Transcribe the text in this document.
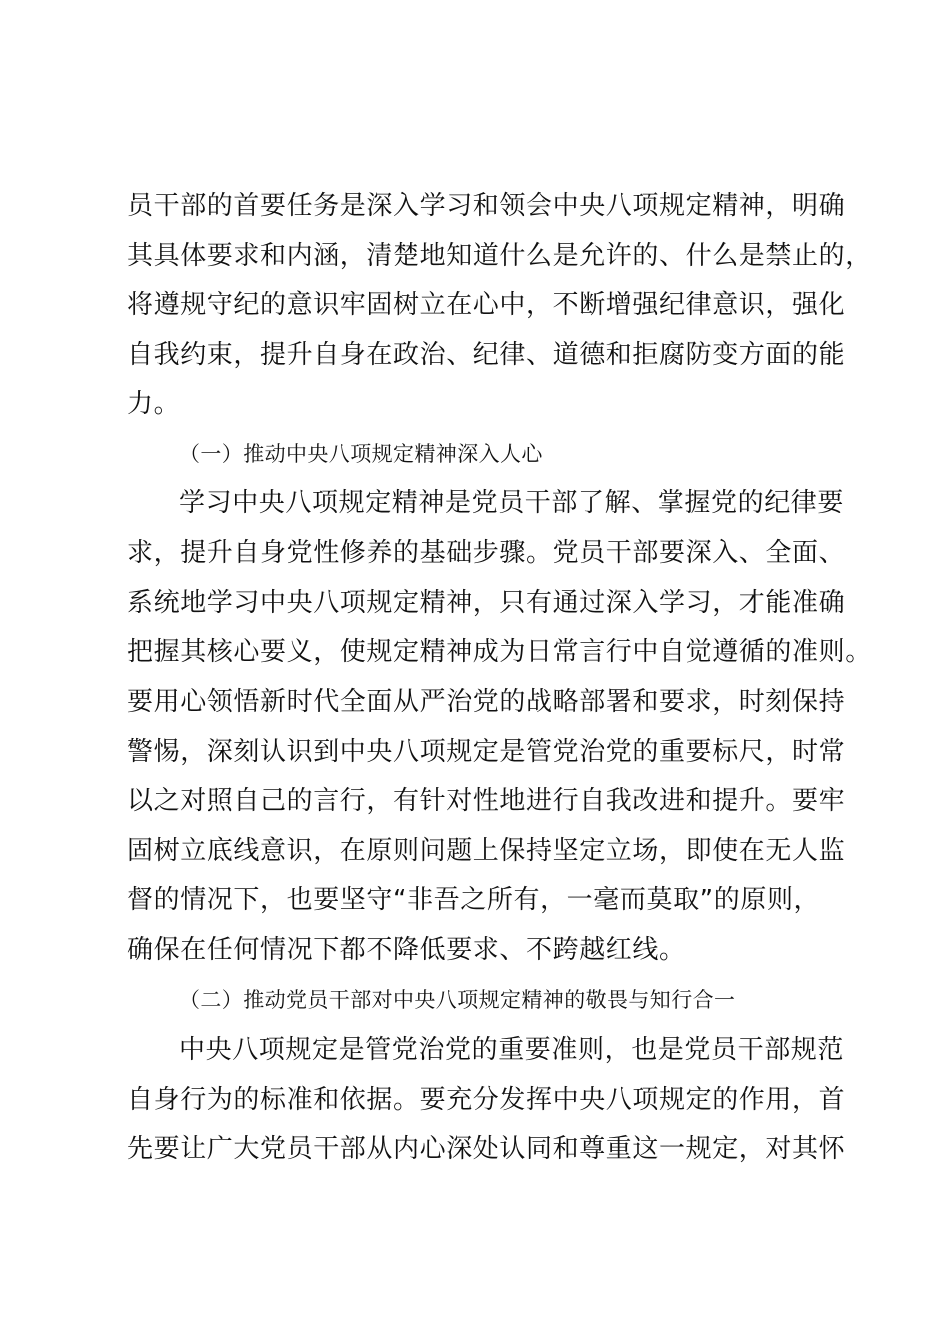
员干部的首要任务是深入学习和领会中央八项规定精神，明确

其具体要求和内涵，清楚地知道什么是允许的、什么是禁止的，

将遵规守纪的意识牢固树立在心中，不断增强纪律意识，强化

自我约束，提升自身在政治、纪律、道德和拒腐防变方面的能

力。

（一）推动中央八项规定精神深入人心

学习中央八项规定精神是党员干部了解、掌握党的纪律要

求，提升自身党性修养的基础步骤。党员干部要深入、全面、

系统地学习中央八项规定精神，只有通过深入学习，才能准确

把握其核心要义，使规定精神成为日常言行中自觉遵循的准则。

要用心领悟新时代全面从严治党的战略部署和要求，时刻保持

警惕，深刻认识到中央八项规定是管党治党的重要标尺，时常

以之对照自己的言行，有针对性地进行自我改进和提升。要牢

固树立底线意识，在原则问题上保持坚定立场，即使在无人监

督的情况下，也要坚守“非吾之所有，一毫而莫取”的原则，

确保在任何情况下都不降低要求、不跨越红线。

（二）推动党员干部对中央八项规定精神的敬畏与知行合一

中央八项规定是管党治党的重要准则，也是党员干部规范

自身行为的标准和依据。要充分发挥中央八项规定的作用，首

先要让广大党员干部从内心深处认同和尊重这一规定，对其怀
